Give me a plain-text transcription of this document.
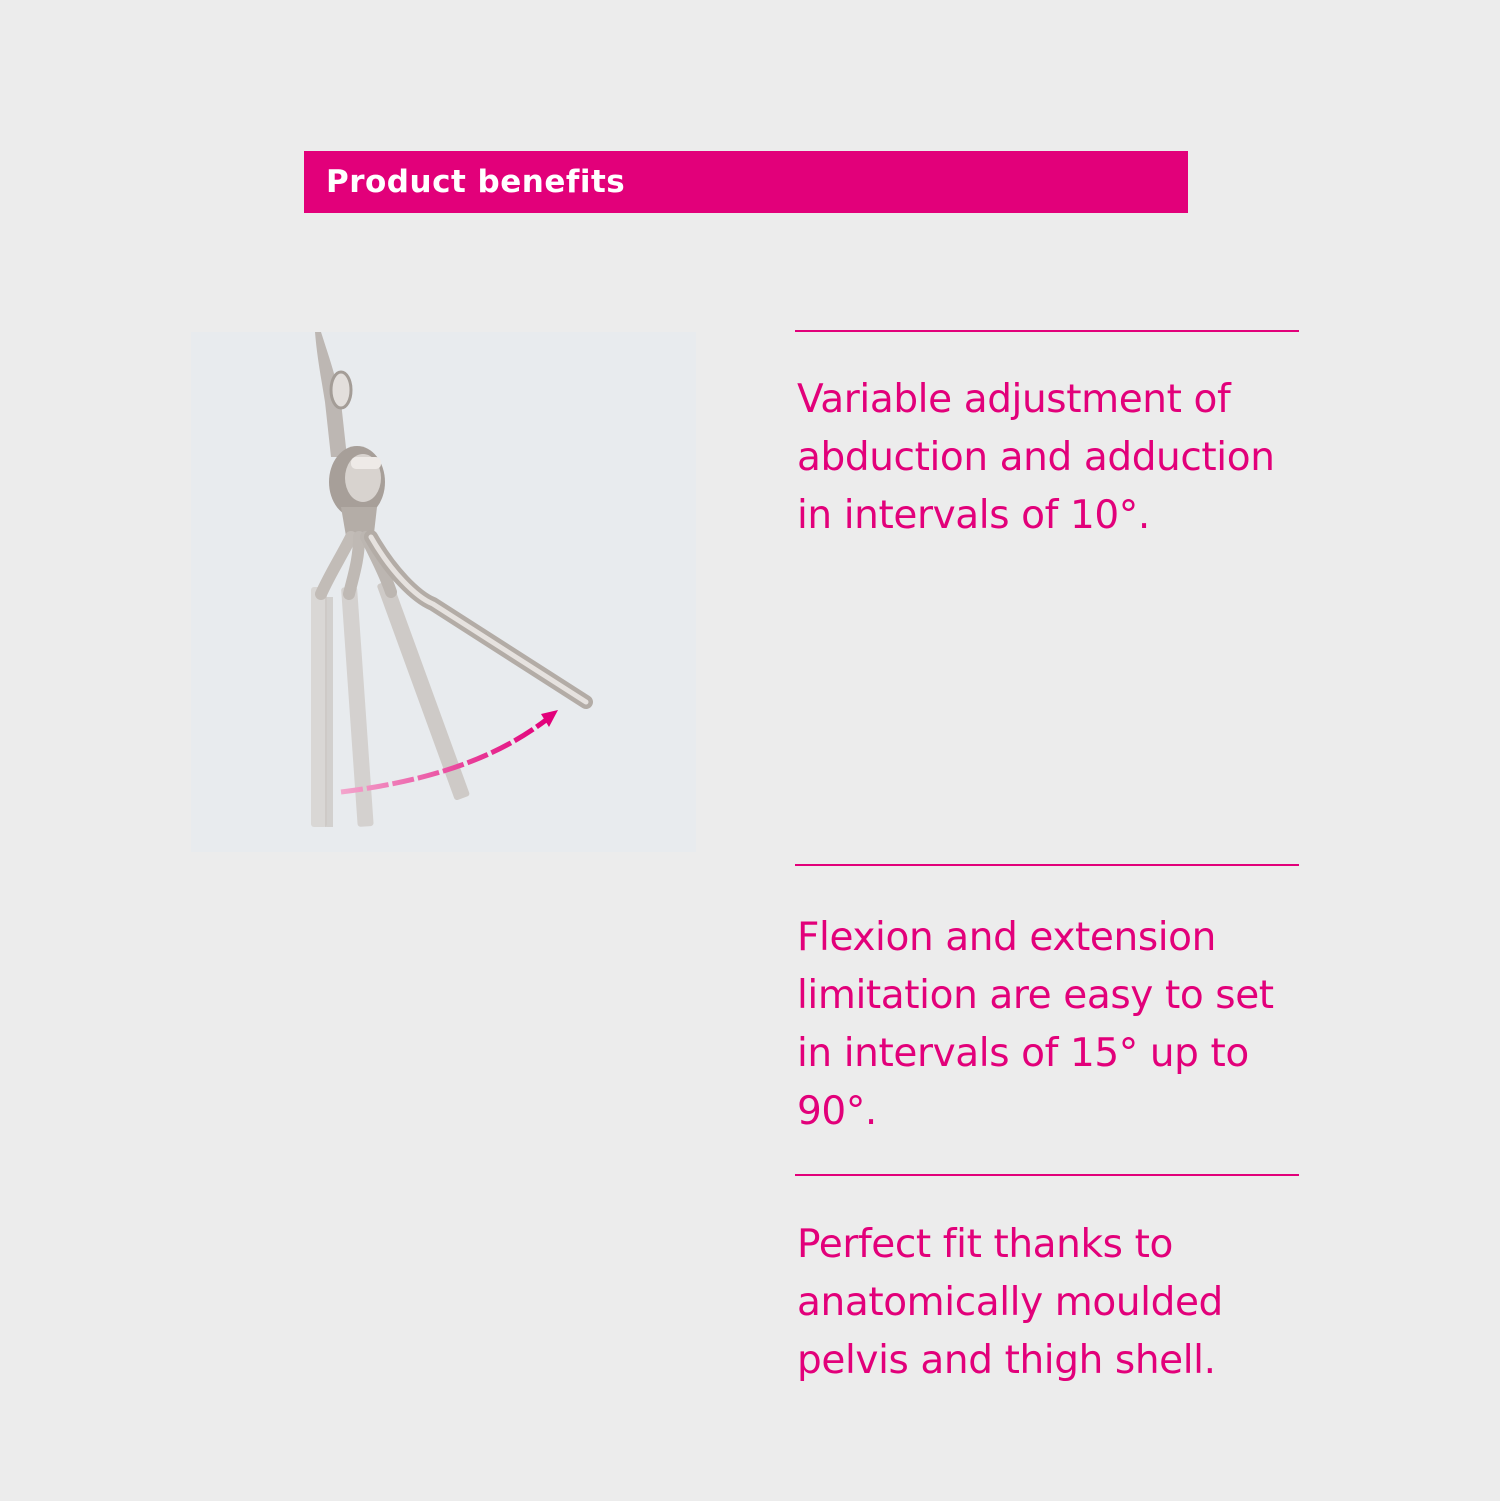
Product benefits

Variable adjustment of abduction and adduction in intervals of 10°.

Flexion and extension limitation are easy to set in intervals of 15° up to 90°.

Perfect fit thanks to anatomically moulded pelvis and thigh shell.
